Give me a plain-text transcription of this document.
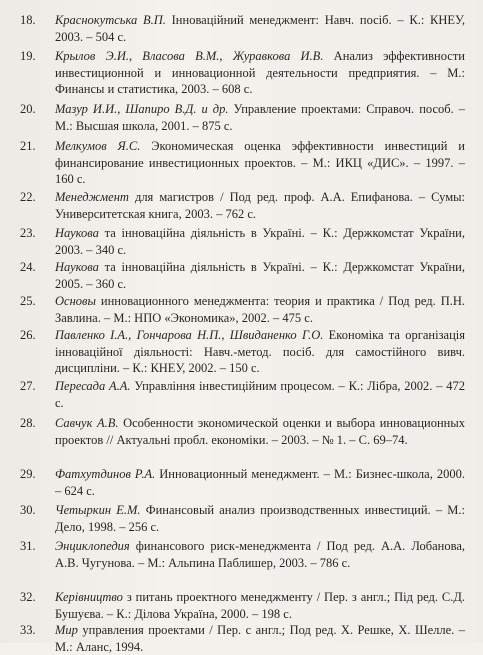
18.	Краснокутська В.П. Інноваційний менеджмент: Навч. посіб. – К.: КНЕУ, 2003. – 504 с.
19.	Крылов Э.И., Власова В.М., Журавкова И.В. Анализ эффективности инвестиционной и инновационной деятельности предприятия. – М.: Финансы и статистика, 2003. – 608 с.
20.	Мазур И.И., Шапиро В.Д. и др. Управление проектами: Справоч. пособ. – М.: Высшая школа, 2001. – 875 с.
21.	Мелкумов Я.С. Экономическая оценка эффективности инвестиций и финансирование инвестиционных проектов. – М.: ИКЦ «ДИС». – 1997. – 160 с.
22.	Менеджмент для магистров / Под ред. проф. А.А. Епифанова. – Сумы: Университетская книга, 2003. – 762 с.
23.	Наукова та інноваційна діяльність в Україні. – К.: Держкомстат України, 2003. – 340 с.
24.	Наукова та інноваційна діяльність в Україні. – К.: Держкомстат України, 2005. – 360 с.
25.	Основы инновационного менеджмента: теория и практика / Под ред. П.Н. Завлина. – М.: НПО «Экономика», 2002. – 475 с.
26.	Павленко І.А., Гончарова Н.П., Швиданенко Г.О. Економіка та організація інноваційної діяльності: Навч.-метод. посіб. для самостійного вивч. дисципліни. – К.: КНЕУ, 2002. – 150 с.
27.	Пересада А.А. Управління інвестиційним процесом. – К.: Лібра, 2002. – 472 с.
28.	Савчук А.В. Особенности экономической оценки и выбора инновационных проектов // Актуальні пробл. економіки. – 2003. – № 1. – С. 69–74.
29.	Фатхутдинов Р.А. Инновационный менеджмент. – М.: Бизнес-школа, 2000. – 624 с.
30.	Четыркин Е.М. Финансовый анализ производственных инвестиций. – М.: Дело, 1998. – 256 с.
31.	Энциклопедия финансового риск-менеджмента / Под ред. А.А. Лобанова, А.В. Чугунова. – М.: Альпина Паблишер, 2003. – 786 с.
32.	Керівництво з питань проектного менеджменту / Пер. з англ.; Під ред. С.Д. Бушуєва. – К.: Ділова Україна, 2000. – 198 с.
33.	Мир управления проектами / Пер. с англ.; Под ред. Х. Решке, Х. Шелле. – М.: Аланс, 1994.
